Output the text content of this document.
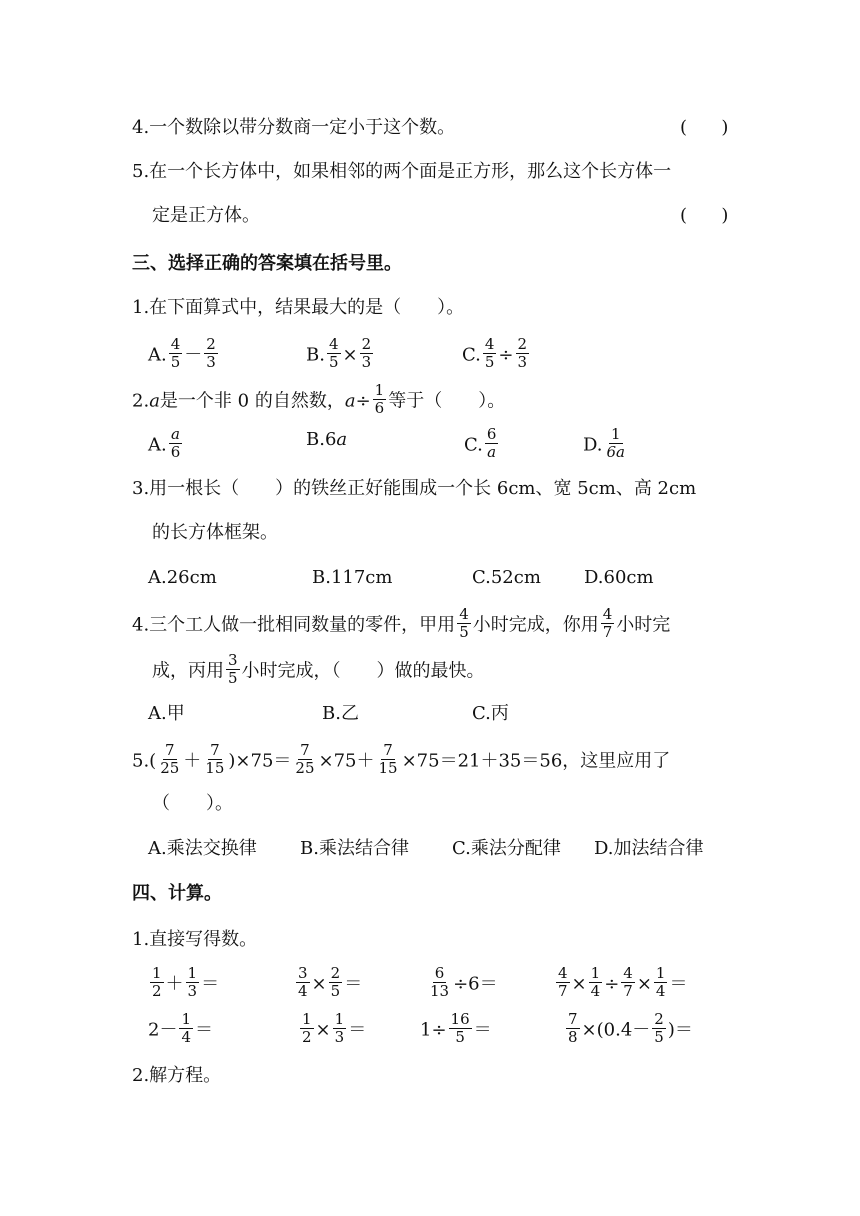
4.一个数除以带分数商一定小于这个数。	(      )
5.在一个长方体中，如果相邻的两个面是正方形，那么这个长方体一
定是正方体。	(      )
三、选择正确的答案填在括号里。
1.在下面算式中，结果最大的是（　　）。
A. $\frac{4}{5} - \frac{2}{3}$	B. $\frac{4}{5} \times \frac{2}{3}$	C. $\frac{4}{5} \div \frac{2}{3}$
2.a是一个非 0 的自然数，$a\div \frac{1}{6}$ 等于（　　）。
A. $\frac{a}{6}$	B.6a	C. $\frac{6}{a}$	D. $\frac{1}{6a}$
3.用一根长（　　）的铁丝正好能围成一个长 6cm、宽 5cm、高 2cm
的长方体框架。
A.26cm	B.117cm	C.52cm D.60cm
4.三个工人做一批相同数量的零件，甲用 $\frac{4}{5}$ 小时完成，你用 $\frac{4}{7}$ 小时完
成，丙用 $\frac{3}{5}$ 小时完成，（　　）做的最快。
A.甲	B.乙	C.丙
$5.( \frac{7}{25} + \frac{7}{15} )\times 75= \frac{7}{25} \times 75+ \frac{7}{15} \times 75=21+35=56$，这里应用了
（　　）。
A.乘法交换律 B.乘法结合律 C.乘法分配律 D.加法结合律
四、计算。
1.直接写得数。
$\frac{1}{2} + \frac{1}{3}$ ＝	$\frac{3}{4} \times \frac{2}{5}$ ＝	$\frac{6}{13} \div 6=$	$\frac{4}{7} \times \frac{1}{4} \div \frac{4}{7} \times \frac{1}{4}$ ＝
$2- \frac{1}{4}$ ＝	$\frac{1}{2} \times \frac{1}{3}$ ＝	$1\div \frac{16}{5}$ ＝	$\frac{7}{8} \times(0.4- \frac{2}{5}$ )＝
2.解方程。
